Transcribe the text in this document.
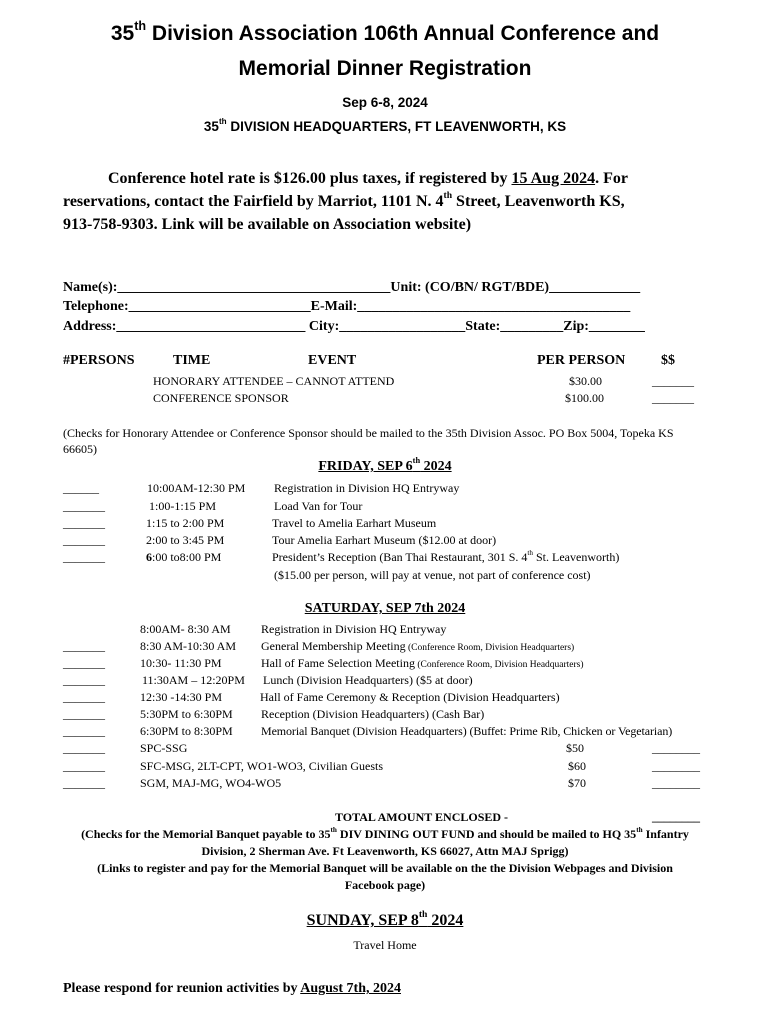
35th Division Association 106th Annual Conference and
Memorial Dinner Registration
Sep 6-8, 2024
35th DIVISION HEADQUARTERS, FT LEAVENWORTH, KS
Conference hotel rate is $126.00 plus taxes, if registered by 15 Aug 2024. For
reservations, contact the Fairfield by Marriot, 1101 N. 4th Street, Leavenworth KS,
913-758-9303. Link will be available on Association website)
Name(s):_______________________________________Unit: (CO/BN/ RGT/BDE)_____________
Telephone:__________________________E-Mail:_______________________________________
Address:___________________________ City:__________________State:_________Zip:________
#PERSONS	TIME	EVENT	PER PERSON	$$
HONORARY ATTENDEE – CANNOT ATTEND	$30.00	_______
CONFERENCE SPONSOR	$100.00	_______
(Checks for Honorary Attendee or Conference Sponsor should be mailed to the 35th Division Assoc. PO Box 5004, Topeka KS
66605)
FRIDAY, SEP 6th 2024
______	10:00AM-12:30 PM Registration in Division HQ Entryway
_______	1:00-1:15 PM	Load Van for Tour
_______	1:15 to 2:00 PM	Travel to Amelia Earhart Museum
_______	2:00 to 3:45 PM	Tour Amelia Earhart Museum ($12.00 at door)
_______	6:00 to8:00 PM	President’s Reception (Ban Thai Restaurant, 301 S. 4th St. Leavenworth)
($15.00 per person, will pay at venue, not part of conference cost)
SATURDAY, SEP 7th 2024
8:00AM- 8:30 AM	Registration in Division HQ Entryway
_______	8:30 AM-10:30 AM General Membership Meeting (Conference Room, Division Headquarters)
_______	10:30- 11:30 PM	Hall of Fame Selection Meeting (Conference Room, Division Headquarters)
_______	11:30AM – 12:20PM Lunch (Division Headquarters) ($5 at door)
_______	12:30 -14:30 PM	Hall of Fame Ceremony & Reception (Division Headquarters)
_______	5:30PM to 6:30PM Reception (Division Headquarters) (Cash Bar)
_______	6:30PM to 8:30PM Memorial Banquet (Division Headquarters) (Buffet: Prime Rib, Chicken or Vegetarian)
_______	SPC-SSG	$50	________
_______	SFC-MSG, 2LT-CPT, WO1-WO3, Civilian Guests	$60	________
_______	SGM, MAJ-MG, WO4-WO5	$70	________
TOTAL AMOUNT ENCLOSED -	________
(Checks for the Memorial Banquet payable to 35th DIV DINING OUT FUND and should be mailed to HQ 35th Infantry
Division, 2 Sherman Ave. Ft Leavenworth, KS 66027, Attn MAJ Sprigg)
(Links to register and pay for the Memorial Banquet will be available on the the Division Webpages and Division
Facebook page)
SUNDAY, SEP 8th 2024
Travel Home
Please respond for reunion activities by August 7th, 2024
